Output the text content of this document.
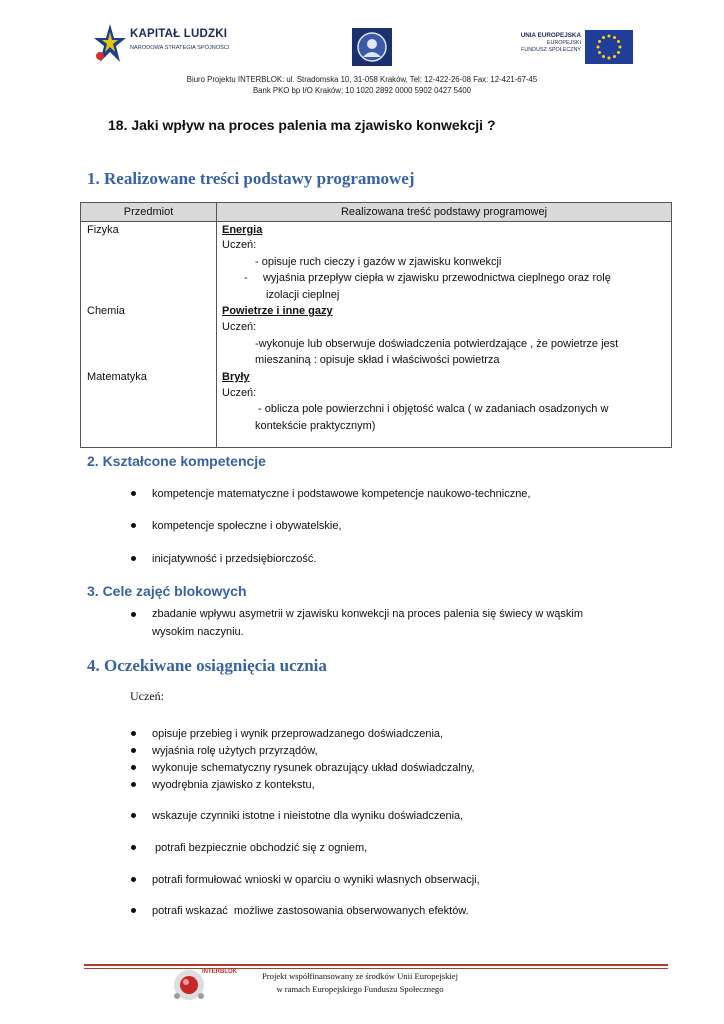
KAPITAŁ LUDZKI
NARODOWA STRATEGIA SPÓJNOŚCI
UNIA EUROPEJSKA
EUROPEJSKI
FUNDUSZ SPOŁECZNY
Biuro Projektu INTERBLOK: ul. Stradomska 10, 31-058 Kraków, Tel: 12-422-26-08 Fax: 12-421-67-45
Bank PKO bp I/O Kraków; 10 1020 2892 0000 5902 0427 5400
18. Jaki wpływ na proces palenia ma zjawisko konwekcji ?
1. Realizowane treści podstawy programowej
Przedmiot	Realizowana treść podstawy programowej
Fizyka	Energia
Uczeń:
- opisuje ruch cieczy i gazów w zjawisku konwekcji
-     wyjaśnia przepływ ciepła w zjawisku przewodnictwa cieplnego oraz rolę
izolacji cieplnej
Chemia	Powietrze i inne gazy
Uczeń:
-wykonuje lub obserwuje doświadczenia potwierdzające , że powietrze jest
mieszaniną : opisuje skład i właściwości powietrza
Matematyka	Bryły
Uczeń:
- oblicza pole powierzchni i objętość walca ( w zadaniach osadzonych w
kontekście praktycznym)
2. Kształcone kompetencje
kompetencje matematyczne i podstawowe kompetencje naukowo-techniczne,
kompetencje społeczne i obywatelskie,
inicjatywność i przedsiębiorczość.
3. Cele zajęć blokowych
zbadanie wpływu asymetrii w zjawisku konwekcji na proces palenia się świecy w wąskim
wysokim naczyniu.
4. Oczekiwane osiągnięcia ucznia
Uczeń:
opisuje przebieg i wynik przeprowadzanego doświadczenia,
wyjaśnia rolę użytych przyrządów,
wykonuje schematyczny rysunek obrazujący układ doświadczalny,
wyodrębnia zjawisko z kontekstu,
wskazuje czynniki istotne i nieistotne dla wyniku doświadczenia,
potrafi bezpiecznie obchodzić się z ogniem,
potrafi formułować wnioski w oparciu o wyniki własnych obserwacji,
potrafi wskazać  możliwe zastosowania obserwowanych efektów.
INTERBLOK	Projekt współfinansowany ze środków Unii Europejskiej
w ramach Europejskiego Funduszu Społecznego
